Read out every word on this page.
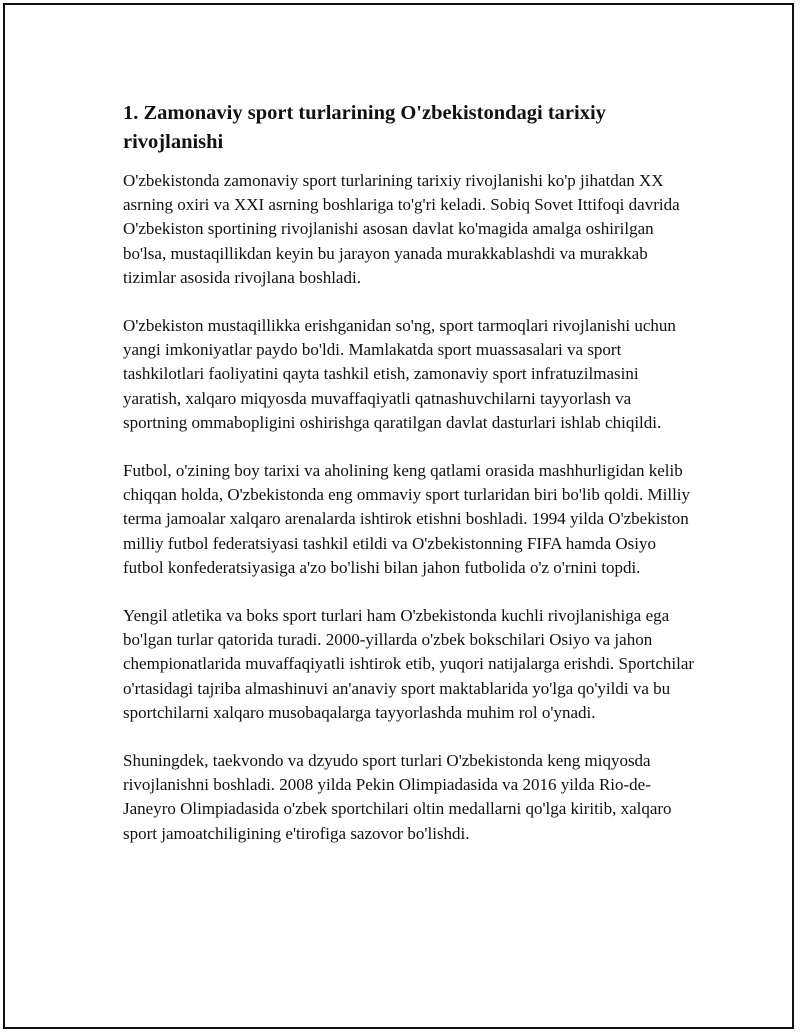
1. Zamonaviy sport turlarining O'zbekistondagi tarixiy rivojlanishi

O'zbekistonda zamonaviy sport turlarining tarixiy rivojlanishi ko'p jihatdan XX asrning oxiri va XXI asrning boshlariga to'g'ri keladi. Sobiq Sovet Ittifoqi davrida O'zbekiston sportining rivojlanishi asosan davlat ko'magida amalga oshirilgan bo'lsa, mustaqillikdan keyin bu jarayon yanada murakkablashdi va murakkab tizimlar asosida rivojlana boshladi.

O'zbekiston mustaqillikka erishganidan so'ng, sport tarmoqlari rivojlanishi uchun yangi imkoniyatlar paydo bo'ldi. Mamlakatda sport muassasalari va sport tashkilotlari faoliyatini qayta tashkil etish, zamonaviy sport infratuzilmasini yaratish, xalqaro miqyosda muvaffaqiyatli qatnashuvchilarni tayyorlash va sportning ommabopligini oshirishga qaratilgan davlat dasturlari ishlab chiqildi.

Futbol, o'zining boy tarixi va aholining keng qatlami orasida mashhurligidan kelib chiqqan holda, O'zbekistonda eng ommaviy sport turlaridan biri bo'lib qoldi. Milliy terma jamoalar xalqaro arenalarda ishtirok etishni boshladi. 1994 yilda O'zbekiston milliy futbol federatsiyasi tashkil etildi va O'zbekistonning FIFA hamda Osiyo futbol konfederatsiyasiga a'zo bo'lishi bilan jahon futbolida o'z o'rnini topdi.

Yengil atletika va boks sport turlari ham O'zbekistonda kuchli rivojlanishiga ega bo'lgan turlar qatorida turadi. 2000-yillarda o'zbek bokschilari Osiyo va jahon chempionatlarida muvaffaqiyatli ishtirok etib, yuqori natijalarga erishdi. Sportchilar o'rtasidagi tajriba almashinuvi an'anaviy sport maktablarida yo'lga qo'yildi va bu sportchilarni xalqaro musobaqalarga tayyorlashda muhim rol o'ynadi.

Shuningdek, taekvondo va dzyudo sport turlari O'zbekistonda keng miqyosda rivojlanishni boshladi. 2008 yilda Pekin Olimpiadasida va 2016 yilda Rio-de-Janeyro Olimpiadasida o'zbek sportchilari oltin medallarni qo'lga kiritib, xalqaro sport jamoatchiligining e'tirofiga sazovor bo'lishdi.
